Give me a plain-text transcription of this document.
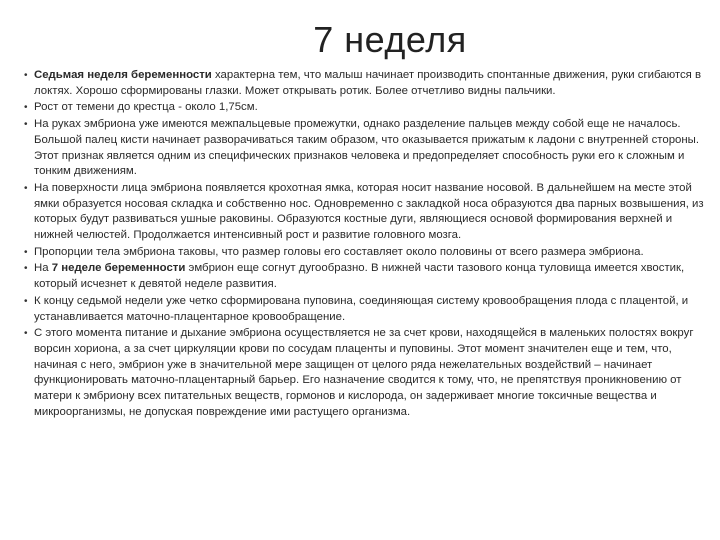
7 неделя
• Седьмая неделя беременности характерна тем, что малыш начинает производить спонтанные движения, руки сгибаются в локтях. Хорошо сформированы глазки. Может открывать ротик. Более отчетливо видны пальчики.
• Рост от темени до крестца - около 1,75см.
• На руках эмбриона уже имеются межпальцевые промежутки, однако разделение пальцев между собой еще не началось. Большой палец кисти начинает разворачиваться таким образом, что оказывается прижатым к ладони с внутренней стороны. Этот признак является одним из специфических признаков человека и предопределяет способность руки его к сложным и тонким движениям.
• На поверхности лица эмбриона появляется крохотная ямка, которая носит название носовой. В дальнейшем на месте этой ямки образуется носовая складка и собственно нос. Одновременно с закладкой носа образуются два парных возвышения, из которых будут развиваться ушные раковины. Образуются костные дуги, являющиеся основой формирования верхней и нижней челюстей. Продолжается интенсивный рост и развитие головного мозга.
• Пропорции тела эмбриона таковы, что размер головы его составляет около половины от всего размера эмбриона.
• На 7 неделе беременности эмбрион еще согнут дугообразно. В нижней части тазового конца туловища имеется хвостик, который исчезнет к девятой неделе развития.
• К концу седьмой недели уже четко сформирована пуповина, соединяющая систему кровообращения плода с плацентой, и устанавливается маточно-плацентарное кровообращение.
• С этого момента питание и дыхание эмбриона осуществляется не за счет крови, находящейся в маленьких полостях вокруг ворсин хориона, а за счет циркуляции крови по сосудам плаценты и пуповины. Этот момент значителен еще и тем, что, начиная с него, эмбрион уже в значительной мере защищен от целого ряда нежелательных воздействий – начинает функционировать маточно-плацентарный барьер. Его назначение сводится к тому, что, не препятствуя проникновению от матери к эмбриону всех питательных веществ, гормонов и кислорода, он задерживает многие токсичные вещества и микроорганизмы, не допуская повреждение ими растущего организма.
